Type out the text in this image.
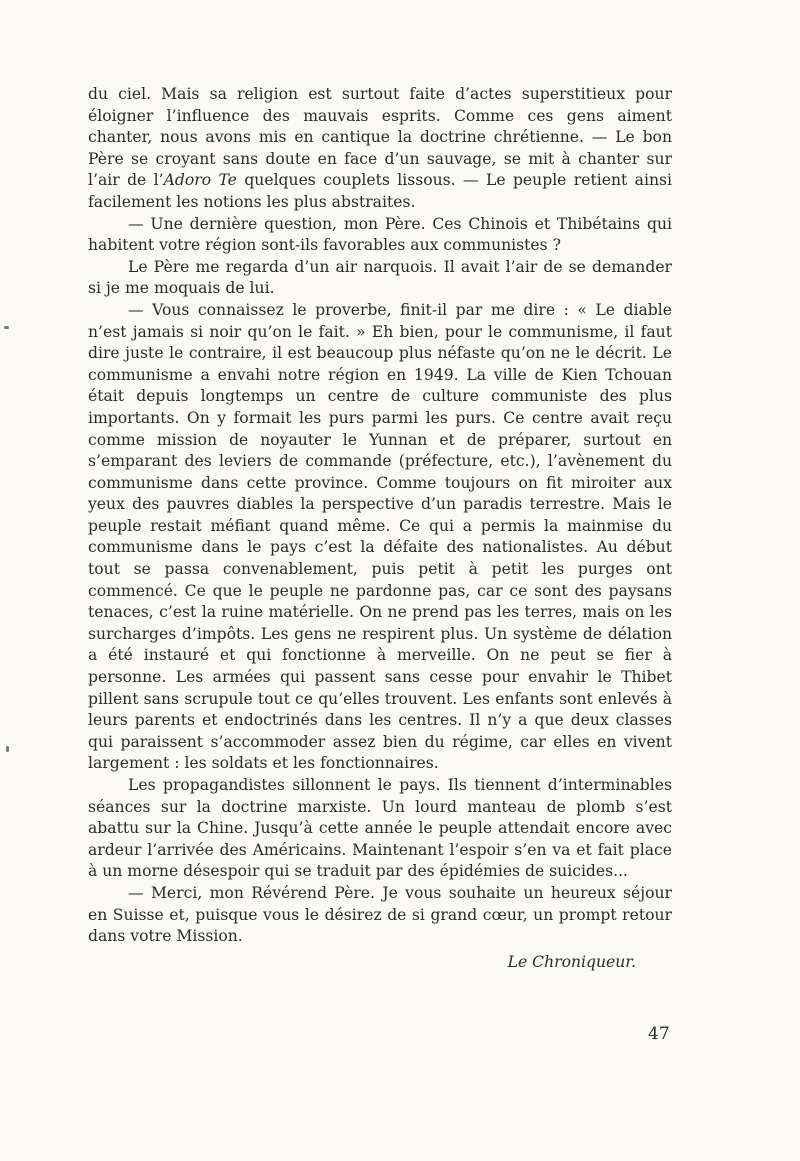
du ciel. Mais sa religion est surtout faite d’actes superstitieux pour éloigner l’influence des mauvais esprits. Comme ces gens aiment chanter, nous avons mis en cantique la doctrine chrétienne. — Le bon Père se croyant sans doute en face d’un sauvage, se mit à chanter sur l’air de l’Adoro Te quelques couplets lissous. — Le peuple retient ainsi facilement les notions les plus abstraites.

— Une dernière question, mon Père. Ces Chinois et Thibétains qui habitent votre région sont-ils favorables aux communistes ?

Le Père me regarda d’un air narquois. Il avait l’air de se demander si je me moquais de lui.

— Vous connaissez le proverbe, finit-il par me dire : « Le diable n’est jamais si noir qu’on le fait. » Eh bien, pour le communisme, il faut dire juste le contraire, il est beaucoup plus néfaste qu’on ne le décrit. Le communisme a envahi notre région en 1949. La ville de Kien Tchouan était depuis longtemps un centre de culture communiste des plus importants. On y formait les purs parmi les purs. Ce centre avait reçu comme mission de noyauter le Yunnan et de préparer, surtout en s’emparant des leviers de commande (préfecture, etc.), l’avènement du communisme dans cette province. Comme toujours on fit miroiter aux yeux des pauvres diables la perspective d’un paradis terrestre. Mais le peuple restait méfiant quand même. Ce qui a permis la mainmise du communisme dans le pays c’est la défaite des nationalistes. Au début tout se passa convenablement, puis petit à petit les purges ont commencé. Ce que le peuple ne pardonne pas, car ce sont des paysans tenaces, c’est la ruine matérielle. On ne prend pas les terres, mais on les surcharges d’impôts. Les gens ne respirent plus. Un système de délation a été instauré et qui fonctionne à merveille. On ne peut se fier à personne. Les armées qui passent sans cesse pour envahir le Thibet pillent sans scrupule tout ce qu’elles trouvent. Les enfants sont enlevés à leurs parents et endoctrinés dans les centres. Il n’y a que deux classes qui paraissent s’accommoder assez bien du régime, car elles en vivent largement : les soldats et les fonctionnaires.

Les propagandistes sillonnent le pays. Ils tiennent d’interminables séances sur la doctrine marxiste. Un lourd manteau de plomb s’est abattu sur la Chine. Jusqu’à cette année le peuple attendait encore avec ardeur l’arrivée des Américains. Maintenant l’espoir s’en va et fait place à un morne désespoir qui se traduit par des épidémies de suicides...

— Merci, mon Révérend Père. Je vous souhaite un heureux séjour en Suisse et, puisque vous le désirez de si grand cœur, un prompt retour dans votre Mission.

Le Chroniqueur.

47
